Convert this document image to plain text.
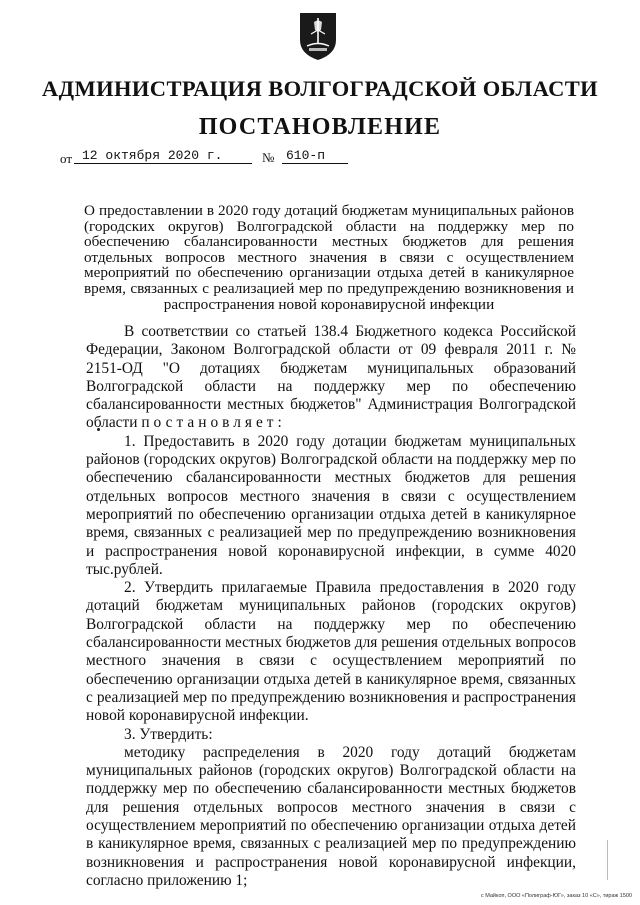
АДМИНИСТРАЦИЯ ВОЛГОГРАДСКОЙ ОБЛАСТИ
ПОСТАНОВЛЕНИЕ
от 12 октября 2020 г.	№ 610-п
О предоставлении в 2020 году дотаций бюджетам муниципальных районов (городских округов) Волгоградской области на поддержку мер по обеспечению сбалансированности местных бюджетов для решения отдельных вопросов местного значения в связи с осуществлением мероприятий по обеспечению организации отдыха детей в каникулярное время, связанных с реализацией мер по предупреждению возникновения и распространения новой коронавирусной инфекции

В соответствии со статьей 138.4 Бюджетного кодекса Российской Федерации, Законом Волгоградской области от 09 февраля 2011 г. № 2151-ОД "О дотациях бюджетам муниципальных образований Волгоградской области на поддержку мер по обеспечению сбалансированности местных бюджетов" Администрация Волгоградской области постановляет:

1. Предоставить в 2020 году дотации бюджетам муниципальных районов (городских округов) Волгоградской области на поддержку мер по обеспечению сбалансированности местных бюджетов для решения отдельных вопросов местного значения в связи с осуществлением мероприятий по обеспечению организации отдыха детей в каникулярное время, связанных с реализацией мер по предупреждению возникновения и распространения новой коронавирусной инфекции, в сумме 4020 тыс.рублей.

2. Утвердить прилагаемые Правила предоставления в 2020 году дотаций бюджетам муниципальных районов (городских округов) Волгоградской области на поддержку мер по обеспечению сбалансированности местных бюджетов для решения отдельных вопросов местного значения в связи с осуществлением мероприятий по обеспечению организации отдыха детей в каникулярное время, связанных с реализацией мер по предупреждению возникновения и распространения новой коронавирусной инфекции.

3. Утвердить:

методику распределения в 2020 году дотаций бюджетам муниципальных районов (городских округов) Волгоградской области на поддержку мер по обеспечению сбалансированности местных бюджетов для решения отдельных вопросов местного значения в связи с осуществлением мероприятий по обеспечению организации отдыха детей в каникулярное время, связанных с реализацией мер по предупреждению возникновения и распространения новой коронавирусной инфекции, согласно приложению 1;

с Майкоп, ООО «Полиграф-ЮГ», заказ 10 «С», тираж 1500
